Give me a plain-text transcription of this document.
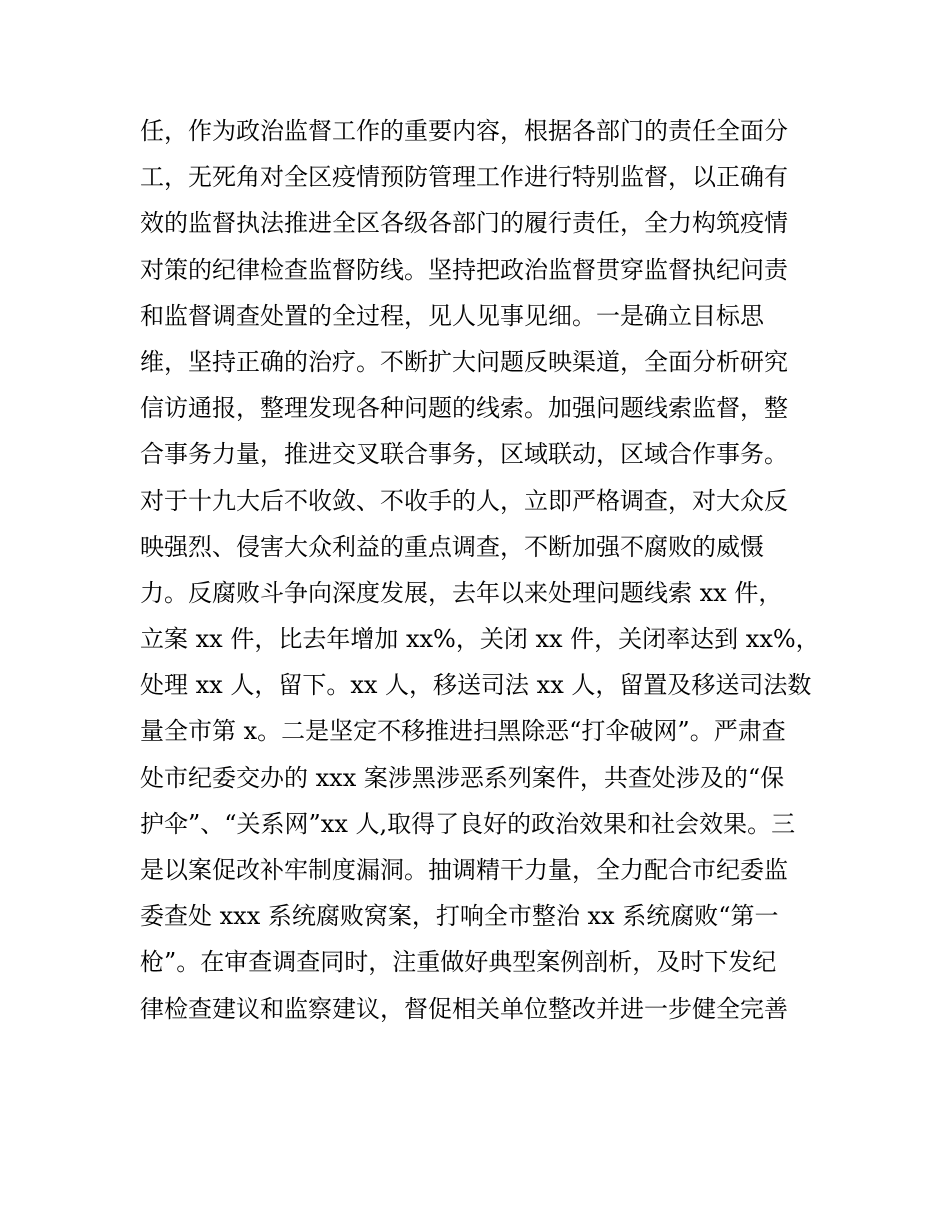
任，作为政治监督工作的重要内容，根据各部门的责任全面分
工，无死角对全区疫情预防管理工作进行特别监督，以正确有
效的监督执法推进全区各级各部门的履行责任，全力构筑疫情
对策的纪律检查监督防线。坚持把政治监督贯穿监督执纪问责
和监督调查处置的全过程，见人见事见细。一是确立目标思
维，坚持正确的治疗。不断扩大问题反映渠道，全面分析研究
信访通报，整理发现各种问题的线索。加强问题线索监督，整
合事务力量，推进交叉联合事务，区域联动，区域合作事务。
对于十九大后不收敛、不收手的人，立即严格调查，对大众反
映强烈、侵害大众利益的重点调查，不断加强不腐败的威慑
力。反腐败斗争向深度发展，去年以来处理问题线索 xx 件，
立案 xx 件，比去年增加 xx%，关闭 xx 件，关闭率达到 xx%，
处理 xx 人，留下。xx 人，移送司法 xx 人，留置及移送司法数
量全市第 x。二是坚定不移推进扫黑除恶“打伞破网”。严肃查
处市纪委交办的 xxx 案涉黑涉恶系列案件，共查处涉及的“保
护伞”、“关系网”xx 人,取得了良好的政治效果和社会效果。三
是以案促改补牢制度漏洞。抽调精干力量，全力配合市纪委监
委查处 xxx 系统腐败窝案，打响全市整治 xx 系统腐败“第一
枪”。在审查调查同时，注重做好典型案例剖析，及时下发纪
律检查建议和监察建议，督促相关单位整改并进一步健全完善
